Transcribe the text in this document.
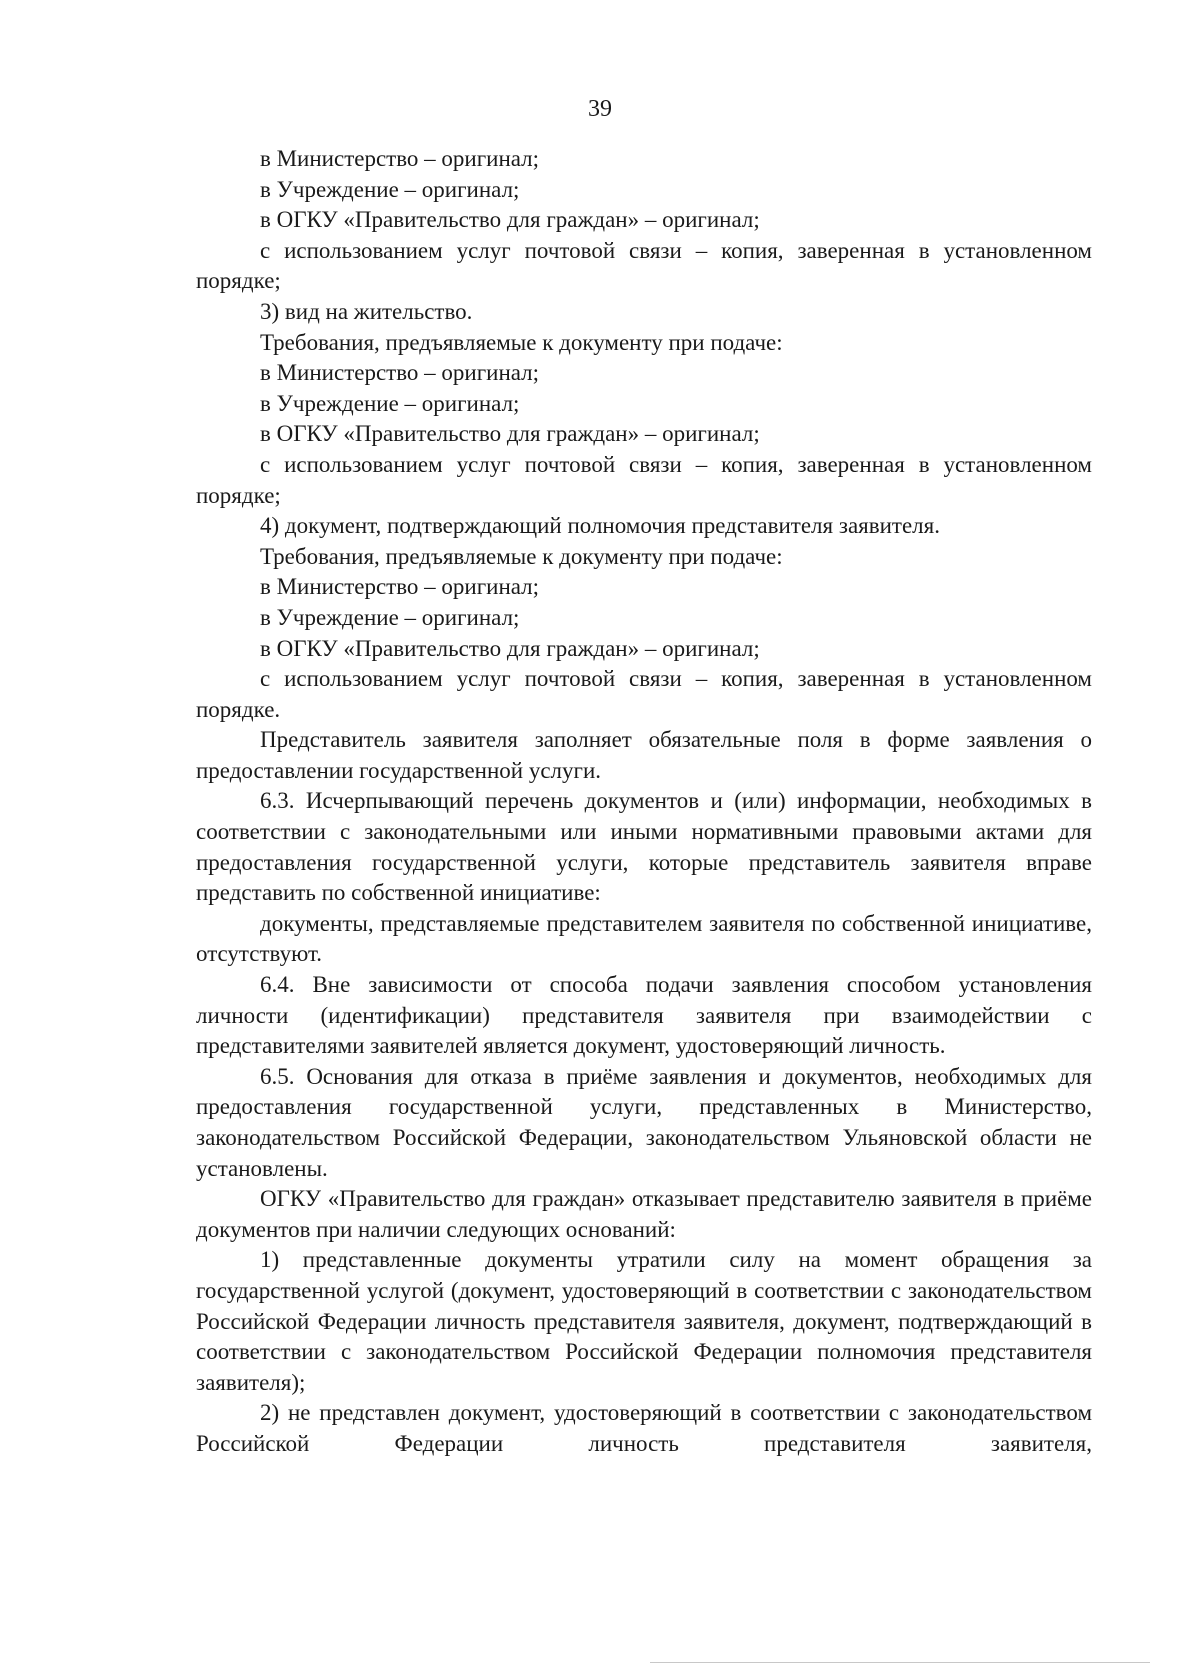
39

в Министерство – оригинал;

в Учреждение – оригинал;

в ОГКУ «Правительство для граждан» – оригинал;

с использованием услуг почтовой связи – копия, заверенная в установленном порядке;

3) вид на жительство.

Требования, предъявляемые к документу при подаче:

в Министерство – оригинал;

в Учреждение – оригинал;

в ОГКУ «Правительство для граждан» – оригинал;

с использованием услуг почтовой связи – копия, заверенная в установленном порядке;

4) документ, подтверждающий полномочия представителя заявителя.

Требования, предъявляемые к документу при подаче:

в Министерство – оригинал;

в Учреждение – оригинал;

в ОГКУ «Правительство для граждан» – оригинал;

с использованием услуг почтовой связи – копия, заверенная в установленном порядке.

Представитель заявителя заполняет обязательные поля в форме заявления о предоставлении государственной услуги.

6.3. Исчерпывающий перечень документов и (или) информации, необходимых в соответствии с законодательными или иными нормативными правовыми актами для предоставления государственной услуги, которые представитель заявителя вправе представить по собственной инициативе:

документы, представляемые представителем заявителя по собственной инициативе, отсутствуют.

6.4. Вне зависимости от способа подачи заявления способом установления личности (идентификации) представителя заявителя при взаимодействии с представителями заявителей является документ, удостоверяющий личность.

6.5. Основания для отказа в приёме заявления и документов, необходимых для предоставления государственной услуги, представленных в Министерство, законодательством Российской Федерации, законодательством Ульяновской области не установлены.

ОГКУ «Правительство для граждан» отказывает представителю заявителя в приёме документов при наличии следующих оснований:

1) представленные документы утратили силу на момент обращения за государственной услугой (документ, удостоверяющий в соответствии с законодательством Российской Федерации личность представителя заявителя, документ, подтверждающий в соответствии с законодательством Российской Федерации полномочия представителя заявителя);

2) не представлен документ, удостоверяющий в соответствии с законодательством Российской Федерации личность представителя заявителя,
